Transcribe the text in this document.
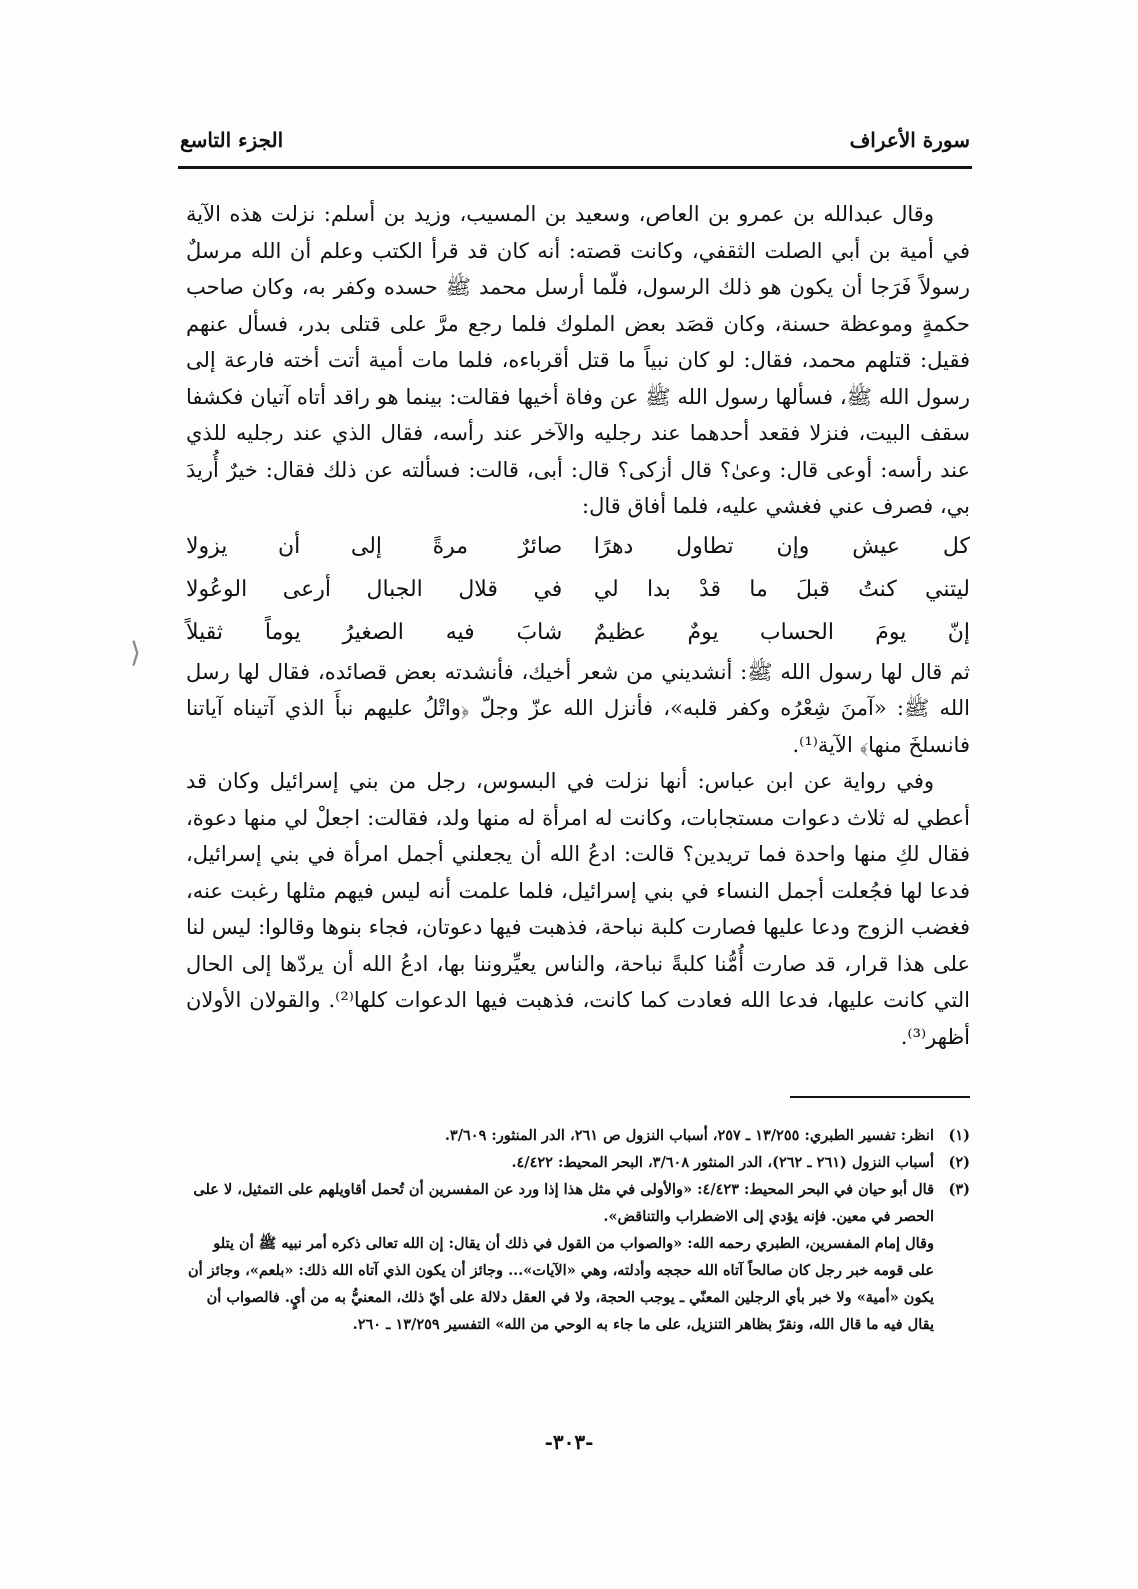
سورة الأعراف
الجزء التاسع

وقال عبدالله بن عمرو بن العاص، وسعيد بن المسيب، وزيد بن أسلم: نزلت هذه الآية في أمية بن أبي الصلت الثقفي، وكانت قصته: أنه كان قد قرأ الكتب وعلم أن الله مرسلٌ رسولاً فَرَجا أن يكون هو ذلك الرسول، فلّما أرسل محمد ﷺ حسده وكفر به، وكان صاحب حكمةٍ وموعظة حسنة، وكان قصَد بعض الملوك فلما رجع مرَّ على قتلى بدر، فسأل عنهم فقيل: قتلهم محمد، فقال: لو كان نبياً ما قتل أقرباءه، فلما مات أمية أتت أخته فارعة إلى رسول الله ﷺ، فسألها رسول الله ﷺ عن وفاة أخيها فقالت: بينما هو راقد أتاه آتيان فكشفا سقف البيت، فنزلا فقعد أحدهما عند رجليه والآخر عند رأسه، فقال الذي عند رجليه للذي عند رأسه: أوعى قال: وعىٰ؟ قال أزكى؟ قال: أبى، قالت: فسألته عن ذلك فقال: خيرٌ أُريدَ بي، فصرف عني فغشي عليه، فلما أفاق قال:

كل عيش وإن تطاول دهرًا
صائرٌ مرةً إلى أن يزولا
ليتني كنتُ قبلَ ما قدْ بدا لي
في قلال الجبال أرعى الوعُولا
إنّ يومَ الحساب يومٌ عظيمٌ
شابَ فيه الصغيرُ يوماً ثقيلاً

ثم قال لها رسول الله ﷺ: أنشديني من شعر أخيك، فأنشدته بعض قصائده، فقال لها رسل الله ﷺ: «آمنَ شِعْرُه وكفر قلبه»، فأنزل الله عزّ وجلّ ﴿واتْلُ عليهم نبأَ الذي آتيناه آياتنا فانسلخَ منها﴾ الآية⁽¹⁾.

وفي رواية عن ابن عباس: أنها نزلت في البسوس، رجل من بني إسرائيل وكان قد أعطي له ثلاث دعوات مستجابات، وكانت له امرأة له منها ولد، فقالت: اجعلْ لي منها دعوة، فقال لكِ منها واحدة فما تريدين؟ قالت: ادعُ الله أن يجعلني أجمل امرأة في بني إسرائيل، فدعا لها فجُعلت أجمل النساء في بني إسرائيل، فلما علمت أنه ليس فيهم مثلها رغبت عنه، فغضب الزوج ودعا عليها فصارت كلبة نباحة، فذهبت فيها دعوتان، فجاء بنوها وقالوا: ليس لنا على هذا قرار، قد صارت أُمُّنا كلبةً نباحة، والناس يعيِّروننا بها، ادعُ الله أن يردّها إلى الحال التي كانت عليها، فدعا الله فعادت كما كانت، فذهبت فيها الدعوات كلها⁽²⁾. والقولان الأولان أظهر⁽³⁾.

(١)
انظر: تفسير الطبري: ١٣/٢٥٥ ـ ٢٥٧، أسباب النزول ص ٢٦١، الدر المنثور: ٣/٦٠٩.
(٢)
أسباب النزول (٢٦١ ـ ٢٦٢)، الدر المنثور ٣/٦٠٨، البحر المحيط: ٤/٤٢٢.
(٣)
قال أبو حيان في البحر المحيط: ٤/٤٢٣: «والأولى في مثل هذا إذا ورد عن المفسرين أن تُحمل أقاويلهم على التمثيل، لا على الحصر في معين. فإنه يؤدي إلى الاضطراب والتناقض».
وقال إمام المفسرين، الطبري رحمه الله: «والصواب من القول في ذلك أن يقال: إن الله تعالى ذكره أمر نبيه ﷺ أن يتلو على قومه خبر رجل كان صالحاً آتاه الله حججه وأدلته، وهي «الآيات»... وجائز أن يكون الذي آتاه الله ذلك: «بلعم»، وجائز أن يكون «أمية» ولا خبر بأي الرجلين المعنّي ـ يوجب الحجة، ولا في العقل دلالة على أيّ ذلك، المعنيُّ به من أيٍ. فالصواب أن يقال فيه ما قال الله، ونقرّ بظاهر التنزيل، على ما جاء به الوحي من الله» التفسير ١٣/٢٥٩ ـ ٢٦٠.
-٣٠٣-
⟨
